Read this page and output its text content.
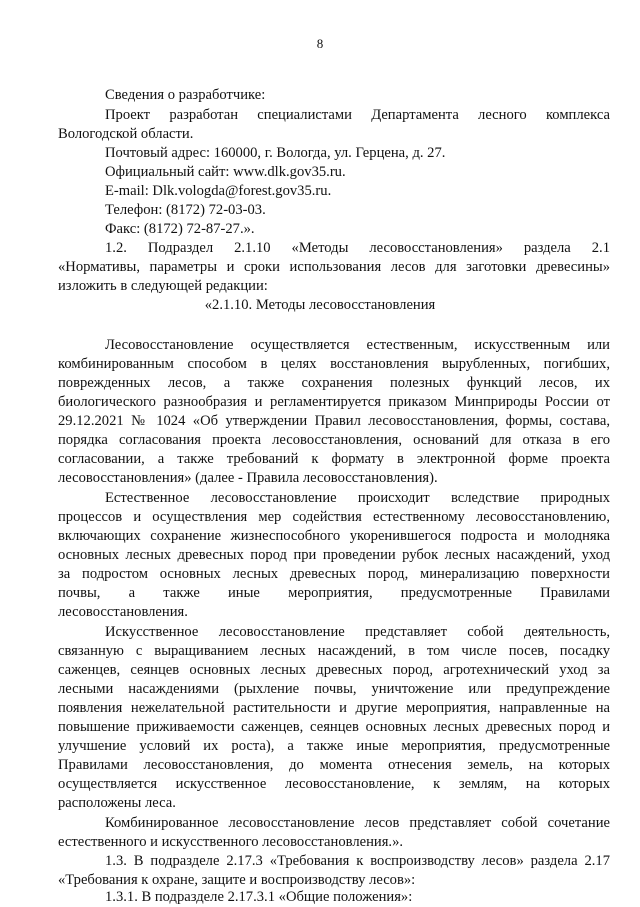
8
Сведения о разработчике:
Проект разработан специалистами Департамента лесного комплекса
Вологодской области.
Почтовый адрес: 160000, г. Вологда, ул. Герцена, д. 27.
Официальный сайт: www.dlk.gov35.ru.
E-mail: Dlk.vologda@forest.gov35.ru.
Телефон: (8172) 72-03-03.
Факс: (8172) 72-87-27.».
1.2. Подраздел 2.1.10 «Методы лесовосстановления» раздела 2.1
«Нормативы, параметры и сроки использования лесов для заготовки древесины»
изложить в следующей редакции:
«2.1.10. Методы лесовосстановления
Лесовосстановление осуществляется естественным, искусственным или
комбинированным способом в целях восстановления вырубленных, погибших,
поврежденных лесов, а также сохранения полезных функций лесов, их
биологического разнообразия и регламентируется приказом Минприроды России от
29.12.2021 № 1024 «Об утверждении Правил лесовосстановления, формы, состава,
порядка согласования проекта лесовосстановления, оснований для отказа в его
согласовании, а также требований к формату в электронной форме проекта
лесовосстановления» (далее - Правила лесовосстановления).
Естественное лесовосстановление происходит вследствие природных
процессов и осуществления мер содействия естественному лесовосстановлению,
включающих сохранение жизнеспособного укоренившегося подроста и молодняка
основных лесных древесных пород при проведении рубок лесных насаждений, уход
за подростом основных лесных древесных пород, минерализацию поверхности
почвы, а также иные мероприятия, предусмотренные Правилами
лесовосстановления.
Искусственное лесовосстановление представляет собой деятельность,
связанную с выращиванием лесных насаждений, в том числе посев, посадку
саженцев, сеянцев основных лесных древесных пород, агротехнический уход за
лесными насаждениями (рыхление почвы, уничтожение или предупреждение
появления нежелательной растительности и другие мероприятия, направленные на
повышение приживаемости саженцев, сеянцев основных лесных древесных пород и
улучшение условий их роста), а также иные мероприятия, предусмотренные
Правилами лесовосстановления, до момента отнесения земель, на которых
осуществляется искусственное лесовосстановление, к землям, на которых
расположены леса.
Комбинированное лесовосстановление лесов представляет собой сочетание
естественного и искусственного лесовосстановления.».
1.3. В подразделе 2.17.3 «Требования к воспроизводству лесов» раздела 2.17
«Требования к охране, защите и воспроизводству лесов»:
1.3.1. В подразделе 2.17.3.1 «Общие положения»:
